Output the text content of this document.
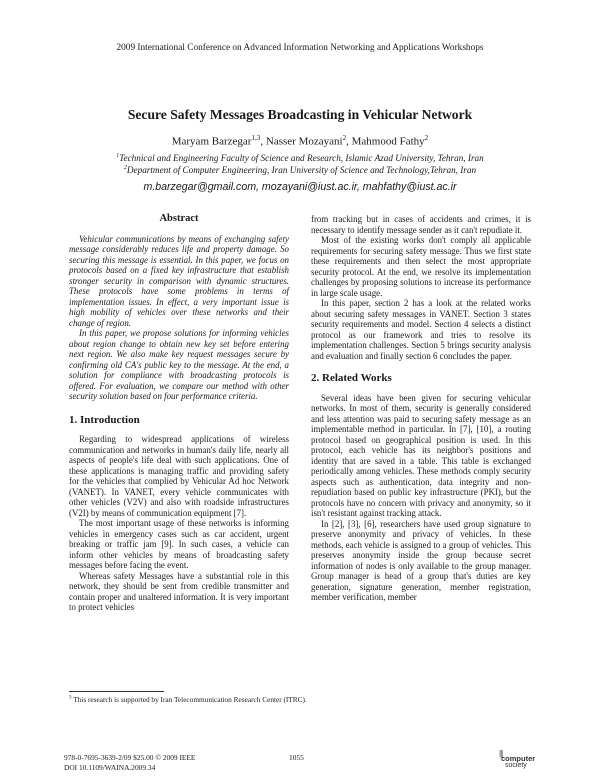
2009 International Conference on Advanced Information Networking and Applications Workshops
Secure Safety Messages Broadcasting in Vehicular Network
Maryam Barzegar$^{1,3}$, Nasser Mozayani$^2$, Mahmood Fathy$^2$
$^1$Technical and Engineering Faculty of Science and Research, Islamic Azad University, Tehran, Iran
$^2$Department of Computer Engineering, Iran University of Science and Technology,Tehran, Iran
m.barzegar@gmail.com, mozayani@iust.ac.ir, mahfathy@iust.ac.ir
Abstract

Vehicular communications by means of exchanging safety message considerably reduces life and property damage. So securing this message is essential. In this paper, we focus on protocols based on a fixed key infrastructure that establish stronger security in comparison with dynamic structures. These protocols have some problems in terms of implementation issues. In effect, a very important issue is high mobility of vehicles over these networks and their change of region.

In this paper, we propose solutions for informing vehicles about region change to obtain new key set before entering next region. We also make key request messages secure by confirming old CA's public key to the message. At the end, a solution for compliance with broadcasting protocols is offered. For evaluation, we compare our method with other security solution based on four performance criteria.

1. Introduction

Regarding to widespread applications of wireless communication and networks in human's daily life, nearly all aspects of people's life deal with such applications. One of these applications is managing traffic and providing safety for the vehicles that complied by Vehicular Ad hoc Network (VANET). In VANET, every vehicle communicates with other vehicles (V2V) and also with roadside infrastructures (V2I) by means of communication equipment [7].

The most important usage of these networks is informing vehicles in emergency cases such as car accident, urgent breaking or traffic jam [9]. In such cases, a vehicle can inform other vehicles by means of broadcasting safety messages before facing the event.

Whereas safety Messages have a substantial role in this network, they should be sent from credible transmitter and contain proper and unaltered information. It is very important to protect vehicles

from tracking but in cases of accidents and crimes, it is necessary to identify message sender as it can't repudiate it.

Most of the existing works don't comply all applicable requirements for securing safety message. Thus we first state these requirements and then select the most appropriate security protocol. At the end, we resolve its implementation challenges by proposing solutions to increase its performance in large scale usage.

In this paper, section 2 has a look at the related works about securing safety messages in VANET. Section 3 states security requirements and model. Section 4 selects a distinct protocol as our framework and tries to resolve its implementation challenges. Section 5 brings security analysis and evaluation and finally section 6 concludes the paper.

2. Related Works

Several ideas have been given for securing vehicular networks. In most of them, security is generally considered and less attention was paid to securing safety message as an implementable method in particular. In [7], [10], a routing protocol based on geographical position is used. In this protocol, each vehicle has its neighbor's positions and identity that are saved in a table. This table is exchanged periodically among vehicles. These methods comply security aspects such as authentication, data integrity and non-repudiation based on public key infrastructure (PKI), but the protocols have no concern with privacy and anonymity, so it isn't resistant against tracking attack.

In [2], [3], [6], researchers have used group signature to preserve anonymity and privacy of vehicles. In these methods, each vehicle is assigned to a group of vehicles. This preserves anonymity inside the group because secret information of nodes is only available to the group manager. Group manager is head of a group that's duties are key generation, signature generation, member registration, member verification, member

$^3$ This research is supported by Iran Telecommunication Research Center (ITRC).
978-0-7695-3639-2/09 $25.00 © 2009 IEEE
DOI 10.1109/WAINA.2009.34
1055	|||
computer
society
